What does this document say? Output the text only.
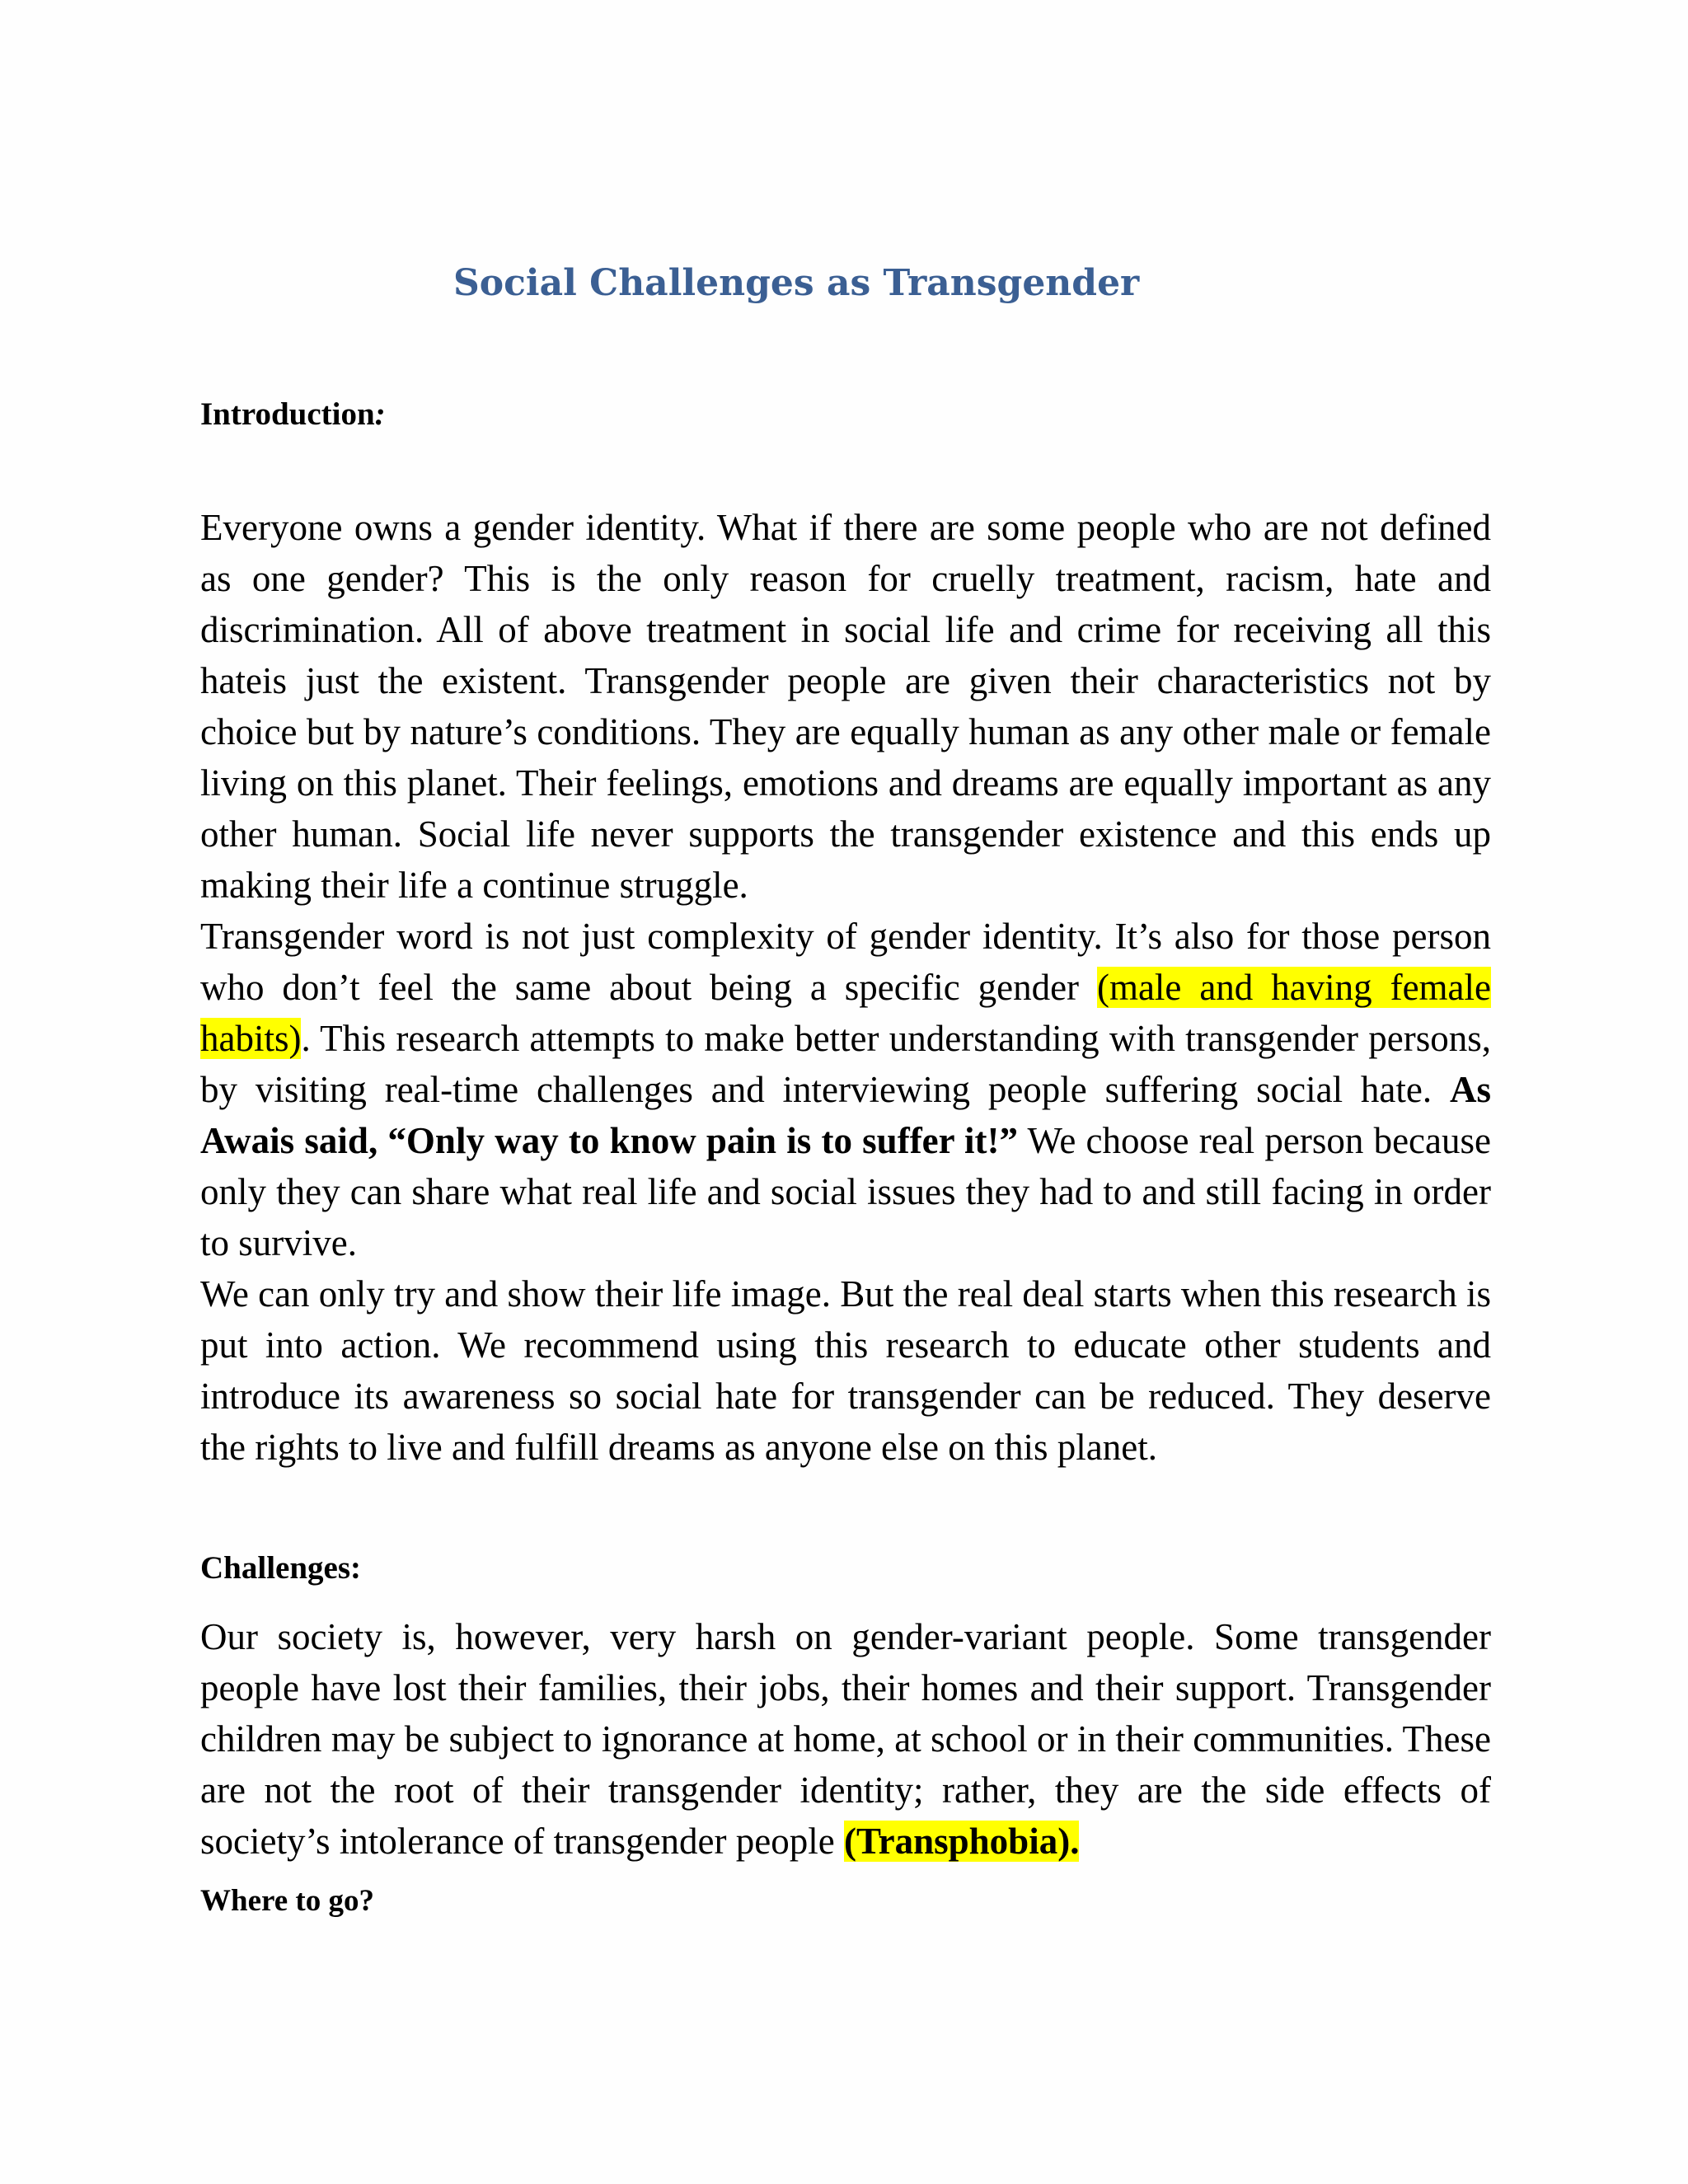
Social Challenges as Transgender
Introduction:

Everyone owns a gender identity. What if there are some people who are not defined as one gender? This is the only reason for cruelly treatment, racism, hate and discrimination. All of above treatment in social life and crime for receiving all this hateis just the existent. Transgender people are given their characteristics not by choice but by nature’s conditions. They are equally human as any other male or female living on this planet. Their feelings, emotions and dreams are equally important as any other human. Social life never supports the transgender existence and this ends up making their life a continue struggle.

Transgender word is not just complexity of gender identity. It’s also for those person who don’t feel the same about being a specific gender (male and having female habits). This research attempts to make better understanding with transgender persons, by visiting real-time challenges and interviewing people suffering social hate. As Awais said, “Only way to know pain is to suffer it!” We choose real person because only they can share what real life and social issues they had to and still facing in order to survive.

We can only try and show their life image. But the real deal starts when this research is put into action. We recommend using this research to educate other students and introduce its awareness so social hate for transgender can be reduced. They deserve the rights to live and fulfill dreams as anyone else on this planet.

Challenges:

Our society is, however, very harsh on gender-variant people. Some transgender people have lost their families, their jobs, their homes and their support. Transgender children may be subject to ignorance at home, at school or in their communities. These are not the root of their transgender identity; rather, they are the side effects of society’s intolerance of transgender people (Transphobia).

Where to go?
